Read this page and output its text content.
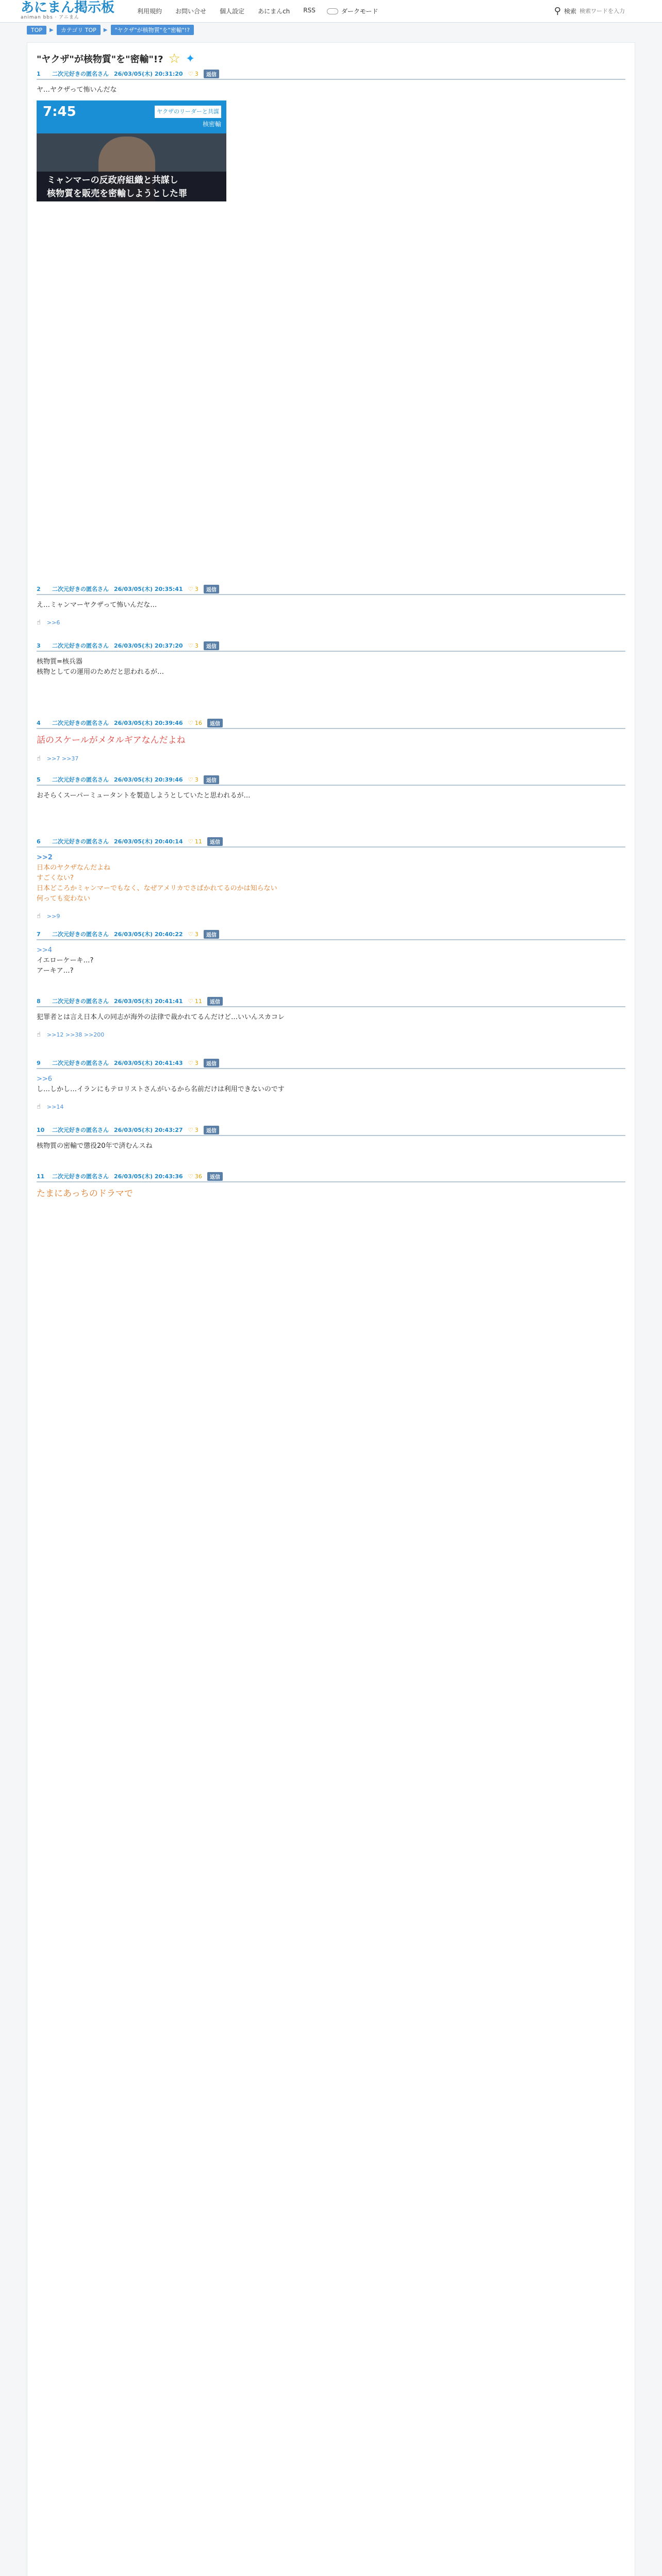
あにまん掲示板
animan bbs · アニまん
利用規約 お問い合せ 個人設定 あにまんch RSS	ダークモード	⚲ 検索
検索ワードを入力
TOP	▶	カテゴリ TOP	▶	"ヤクザ"が核物質"を"密輸"!?
"ヤクザ"が核物質"を"密輸"!? ☆ ✦
1	二次元好きの匿名さん 26/03/05(木) 20:31:20 ♡ 3	返信
ヤ…ヤクザって怖いんだな
7:45	ヤクザのリーダーと共謀
核密輸
ミャンマーの反政府組織と共謀し
核物質を販売を密輸しようとした罪
2	二次元好きの匿名さん 26/03/05(木) 20:35:41 ♡ 3	返信
え…ミャンマーヤクザって怖いんだな…
☝ >>6
3	二次元好きの匿名さん 26/03/05(木) 20:37:20 ♡ 3	返信
核物質=核兵器
核物としての運用のためだと思われるが…
4	二次元好きの匿名さん 26/03/05(木) 20:39:46 ♡ 16	返信
話のスケールがメタルギアなんだよね
☝ >>7 >>37
5	二次元好きの匿名さん 26/03/05(木) 20:39:46 ♡ 3	返信
おそらくスーパーミュータントを製造しようとしていたと思われるが…
6	二次元好きの匿名さん 26/03/05(木) 20:40:14 ♡ 11	返信
>>2
日本のヤクザなんだよね
すごくない?
日本どころかミャンマーでもなく、なぜアメリカでさばかれてるのかは知らない
何っても変わない
☝ >>9
7	二次元好きの匿名さん 26/03/05(木) 20:40:22 ♡ 3	返信
>>4
イエローケーキ…?
アーキア…?
8	二次元好きの匿名さん 26/03/05(木) 20:41:41 ♡ 11	返信
犯罪者とは言え日本人の同志が海外の法律で裁かれてるんだけど…いいんスカコレ
☝ >>12 >>38 >>200
9	二次元好きの匿名さん 26/03/05(木) 20:41:43 ♡ 3	返信
>>6
し…しかし…イランにもテロリストさんがいるから名前だけは利用できないのです
☝ >>14
10	二次元好きの匿名さん 26/03/05(木) 20:43:27 ♡ 3	返信
核物質の密輸で懲役20年で済むんスね
11	二次元好きの匿名さん 26/03/05(木) 20:43:36 ♡ 36	返信
たまにあっちのドラマで
